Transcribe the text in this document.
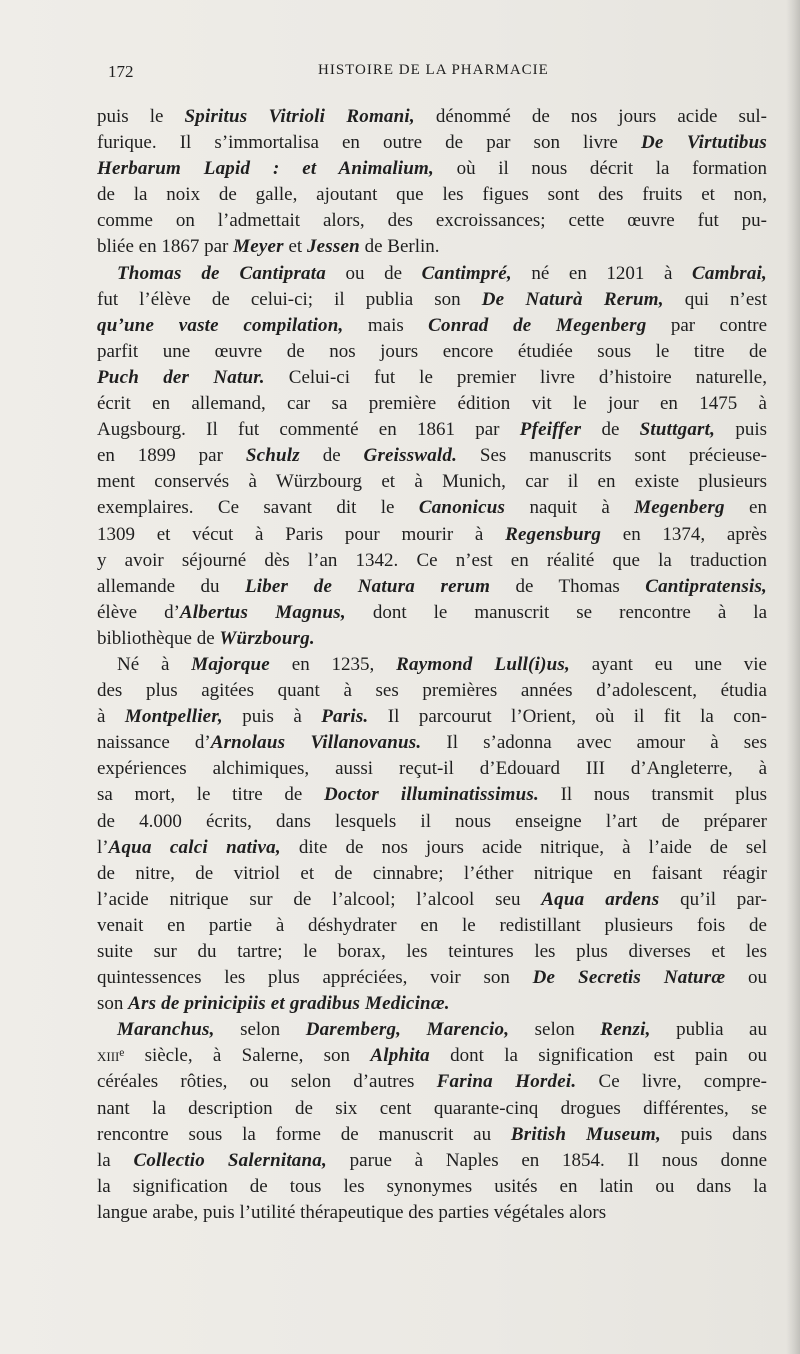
172	HISTOIRE DE LA PHARMACIE
puis le Spiritus Vitrioli Romani, dénommé de nos jours acide sul-
furique. Il s’immortalisa en outre de par son livre De Virtutibus
Herbarum Lapid : et Animalium, où il nous décrit la formation
de la noix de galle, ajoutant que les figues sont des fruits et non,
comme on l’admettait alors, des excroissances; cette œuvre fut pu-
bliée en 1867 par Meyer et Jessen de Berlin.
Thomas de Cantiprata ou de Cantimpré, né en 1201 à Cambrai,
fut l’élève de celui-ci; il publia son De Naturà Rerum, qui n’est
qu’une vaste compilation, mais Conrad de Megenberg par contre
parfit une œuvre de nos jours encore étudiée sous le titre de
Puch der Natur. Celui-ci fut le premier livre d’histoire naturelle,
écrit en allemand, car sa première édition vit le jour en 1475 à
Augsbourg. Il fut commenté en 1861 par Pfeiffer de Stuttgart, puis
en 1899 par Schulz de Greisswald. Ses manuscrits sont précieuse-
ment conservés à Würzbourg et à Munich, car il en existe plusieurs
exemplaires. Ce savant dit le Canonicus naquit à Megenberg en
1309 et vécut à Paris pour mourir à Regensburg en 1374, après
y avoir séjourné dès l’an 1342. Ce n’est en réalité que la traduction
allemande du Liber de Natura rerum de Thomas Cantipratensis,
élève d’Albertus Magnus, dont le manuscrit se rencontre à la
bibliothèque de Würzbourg.
Né à Majorque en 1235, Raymond Lull(i)us, ayant eu une vie
des plus agitées quant à ses premières années d’adolescent, étudia
à Montpellier, puis à Paris. Il parcourut l’Orient, où il fit la con-
naissance d’Arnolaus Villanovanus. Il s’adonna avec amour à ses
expériences alchimiques, aussi reçut-il d’Edouard III d’Angleterre, à
sa mort, le titre de Doctor illuminatissimus. Il nous transmit plus
de 4.000 écrits, dans lesquels il nous enseigne l’art de préparer
l’Aqua calci nativa, dite de nos jours acide nitrique, à l’aide de sel
de nitre, de vitriol et de cinnabre; l’éther nitrique en faisant réagir
l’acide nitrique sur de l’alcool; l’alcool seu Aqua ardens qu’il par-
venait en partie à déshydrater en le redistillant plusieurs fois de
suite sur du tartre; le borax, les teintures les plus diverses et les
quintessences les plus appréciées, voir son De Secretis Naturæ ou
son Ars de prinicipiis et gradibus Medicinæ.
Maranchus, selon Daremberg, Marencio, selon Renzi, publia au
xiiiᵉ siècle, à Salerne, son Alphita dont la signification est pain ou
céréales rôties, ou selon d’autres Farina Hordei. Ce livre, compre-
nant la description de six cent quarante-cinq drogues différentes, se
rencontre sous la forme de manuscrit au British Museum, puis dans
la Collectio Salernitana, parue à Naples en 1854. Il nous donne
la signification de tous les synonymes usités en latin ou dans la
langue arabe, puis l’utilité thérapeutique des parties végétales alors
